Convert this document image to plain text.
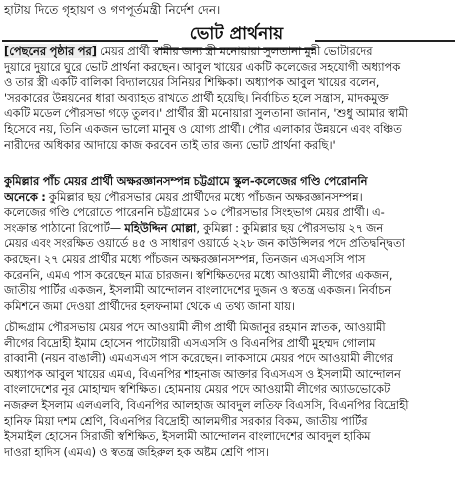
হাটায় দিতে গৃহায়ণ ও গণপূর্তমন্ত্রী নির্দেশ দেন।
ভোট প্রার্থনায়
[পেছনের পৃষ্ঠার পর] মেয়র প্রার্থী স্বামীর জন্য স্ত্রী মনোয়ারা সুলতানা মুন্নী ভোটারদের
দুয়ারে দুয়ারে ঘুরে ভোট প্রার্থনা করছেন। আবুল খায়ের একটি কলেজের সহযোগী অধ্যাপক
ও তার স্ত্রী একটি বালিকা বিদ্যালয়ের সিনিয়র শিক্ষিকা। অধ্যাপক আবুল খায়ের বলেন,
'সরকারের উন্নয়নের ধারা অব্যাহত রাখতে প্রার্থী হয়েছি। নির্বাচিত হলে সন্ত্রাস, মাদকমুক্ত
একটি মডেল পৌরসভা গড়ে তুলব।' প্রার্থীর স্ত্রী মনোয়ারা সুলতানা জানান, 'শুধু আমার স্বামী
হিসেবে নয়, তিনি একজন ভালো মানুষ ও যোগ্য প্রার্থী। পৌর এলাকার উন্নয়নে এবং বঞ্চিত
নারীদের অধিকার আদায়ে কাজ করবেন তাই তার জন্য ভোট প্রার্থনা করছি।'
কুমিল্লার পাঁচ মেয়র প্রার্থী অক্ষরজ্ঞানসম্পন্ন চট্টগ্রামে স্কুল-কলেজের গণ্ডি পেরোননি
অনেকে : কুমিল্লার ছয় পৌরসভার মেয়র প্রার্থীদের মধ্যে পাঁচজন অক্ষরজ্ঞানসম্পন্ন।
কলেজের গণ্ডি পেরোতে পারেননি চট্টগ্রামের ১০ পৌরসভার সিংহভাগ মেয়র প্রার্থী। এ-
সংক্রান্ত পাঠানো রিপোর্ট— মহিউদ্দিন মোল্লা, কুমিল্লা : কুমিল্লার ছয় পৌরসভায় ২৭ জন
মেয়র এবং সংরক্ষিত ওয়ার্ডে ৪৫ ও সাধারণ ওয়ার্ডে ২২৮ জন কাউন্সিলর পদে প্রতিদ্বন্দ্বিতা
করছেন। ২৭ মেয়র প্রার্থীর মধ্যে পাঁচজন অক্ষরজ্ঞানসম্পন্ন, তিনজন এসএসসি পাস
করেননি, এমএ পাস করেছেন মাত্র চারজন। স্বশিক্ষিতদের মধ্যে আওয়ামী লীগের একজন,
জাতীয় পার্টির একজন, ইসলামী আন্দোলন বাংলাদেশের দুজন ও স্বতন্ত্র একজন। নির্বাচন
কমিশনে জমা দেওয়া প্রার্থীদের হলফনামা থেকে এ তথ্য জানা যায়।
চৌদ্দগ্রাম পৌরসভায় মেয়র পদে আওয়ামী লীগ প্রার্থী মিজানুর রহমান স্নাতক, আওয়ামী
লীগের বিদ্রোহী ইমাম হোসেন পাটোয়ারী এসএসসি ও বিএনপির প্রার্থী মুহম্মদ গোলাম
রাব্বানী (নয়ন বাঙালী) এমএসএস পাস করেছেন। লাকসামে মেয়র পদে আওয়ামী লীগের
অধ্যাপক আবুল খায়ের এমএ, বিএনপির শাহনাজ আক্তার বিএসএস ও ইসলামী আন্দোলন
বাংলাদেশের নূর মোহাম্মদ স্বশিক্ষিত। হোমনায় মেয়র পদে আওয়ামী লীগের অ্যাডভোকেট
নজরুল ইসলাম এলএলবি, বিএনপির আলহাজ আবদুল লতিফ বিএসসি, বিএনপির বিদ্রোহী
হানিফ মিয়া দশম শ্রেণি, বিএনপির বিদ্রোহী আলমগীর সরকার বিকম, জাতীয় পার্টির
ইসমাইল হোসেন সিরাজী স্বশিক্ষিত, ইসলামী আন্দোলন বাংলাদেশের আবদুল হাকিম
দাওরা হাদিস (এমএ) ও স্বতন্ত্র জহিরুল হক অষ্টম শ্রেণি পাস।
